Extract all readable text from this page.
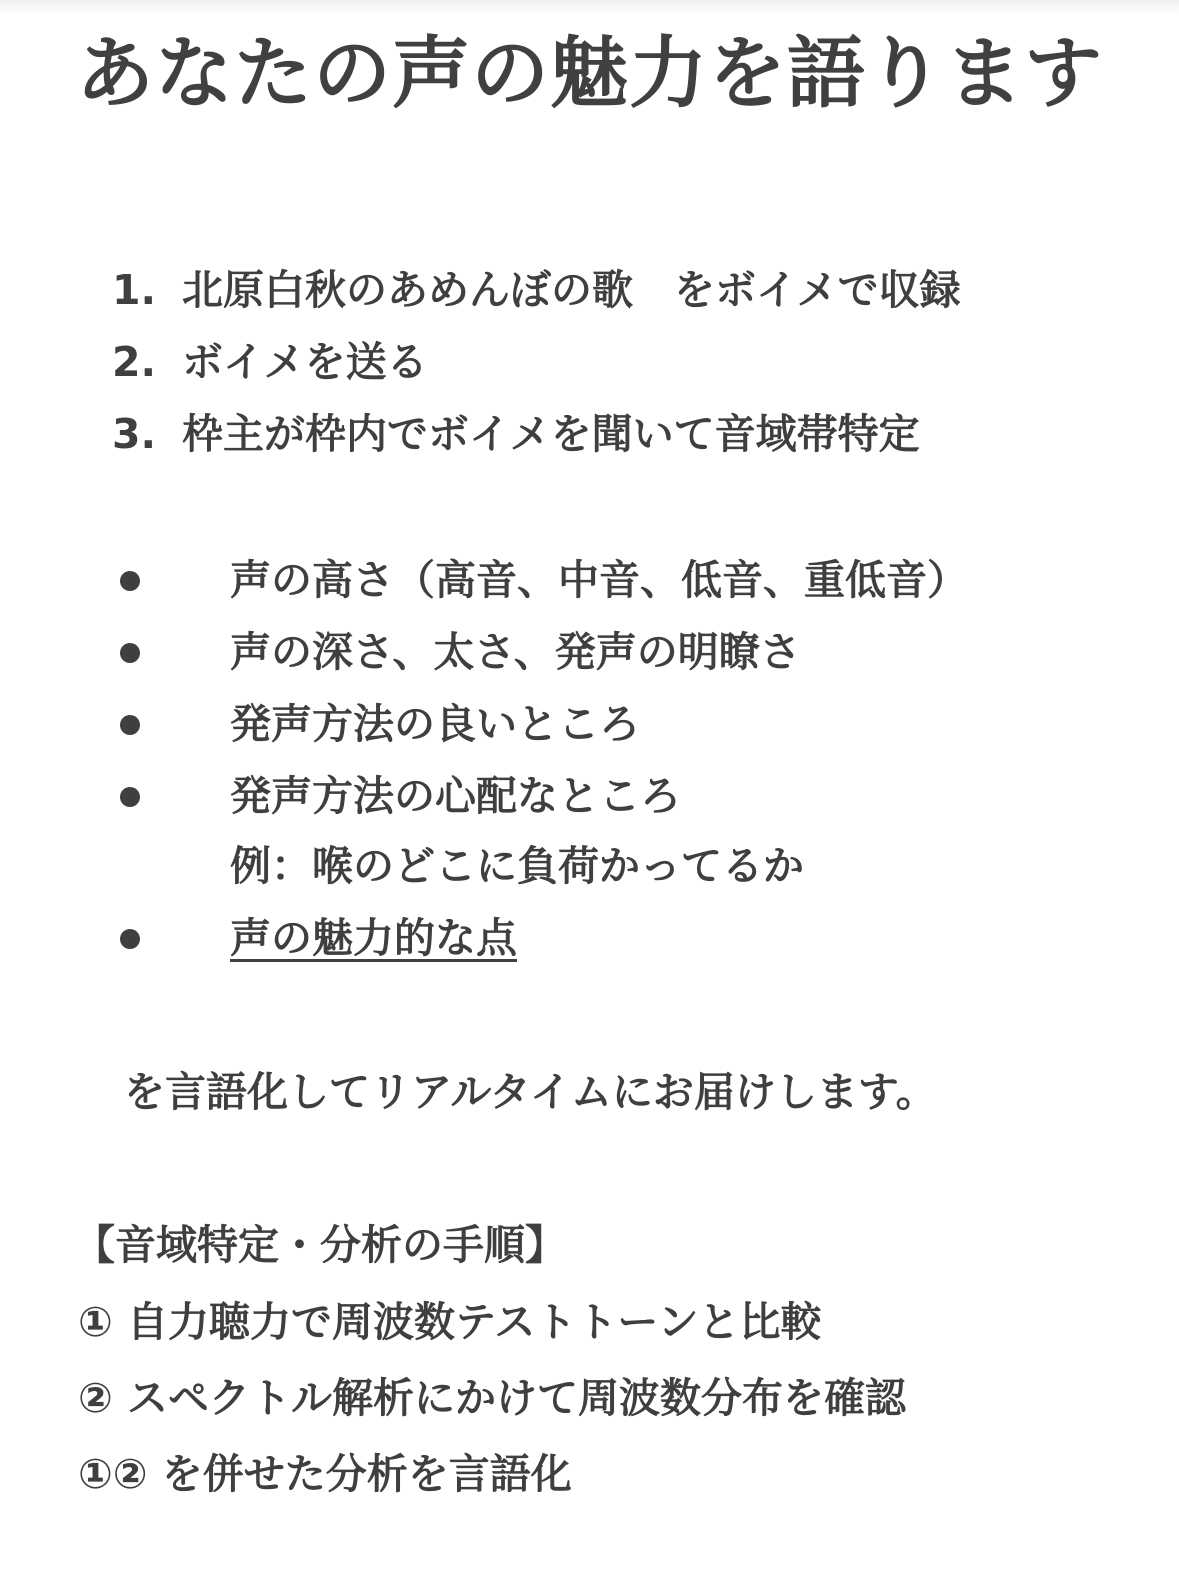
あなたの声の魅力を語ります
1. 北原白秋のあめんぼの歌　をボイメで収録
2. ボイメを送る
3. 枠主が枠内でボイメを聞いて音域帯特定
声の高さ（高音、中音、低音、重低音）
声の深さ、太さ、発声の明瞭さ
発声方法の良いところ
発声方法の心配なところ
例：喉のどこに負荷かってるか
声の魅力的な点

を言語化してリアルタイムにお届けします。

【音域特定・分析の手順】
① 自力聴力で周波数テストトーンと比較
② スペクトル解析にかけて周波数分布を確認
①② を併せた分析を言語化
